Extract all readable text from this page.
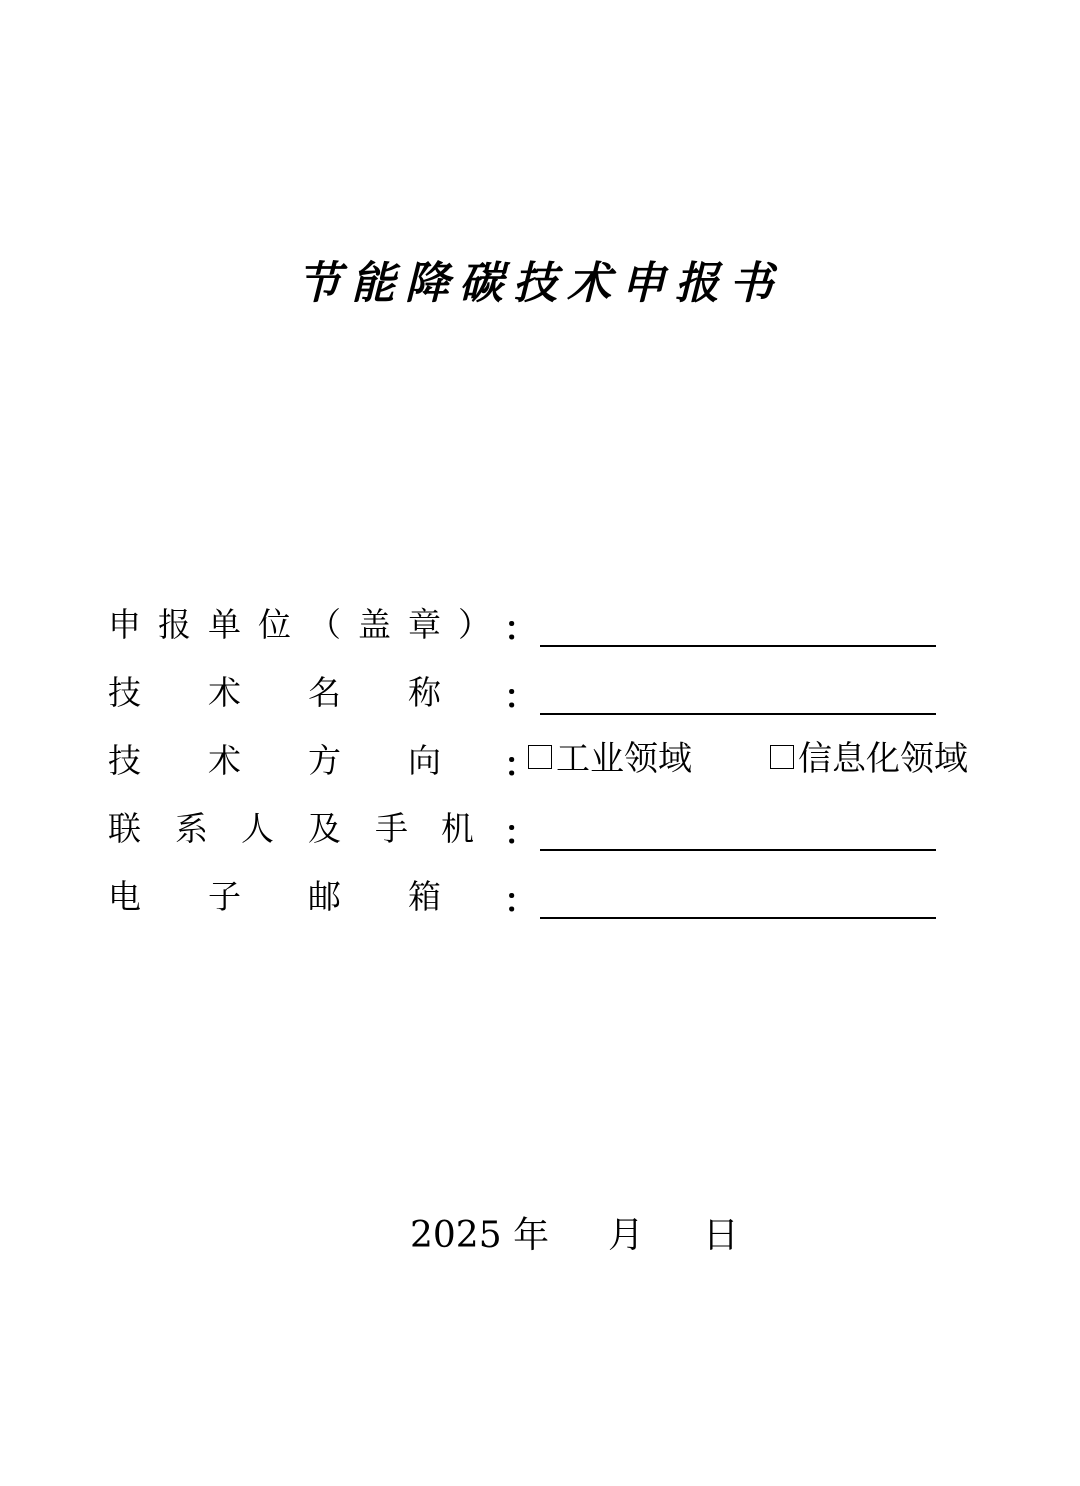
节能降碳技术申报书
申 报 单 位 （ 盖 章 ） ：
技 术 名 称 ：
技 术 方 向 ： 工业领域	信息化领域
联 系 人 及 手 机 ：
电 子 邮 箱 ：
2025 年 月 日
